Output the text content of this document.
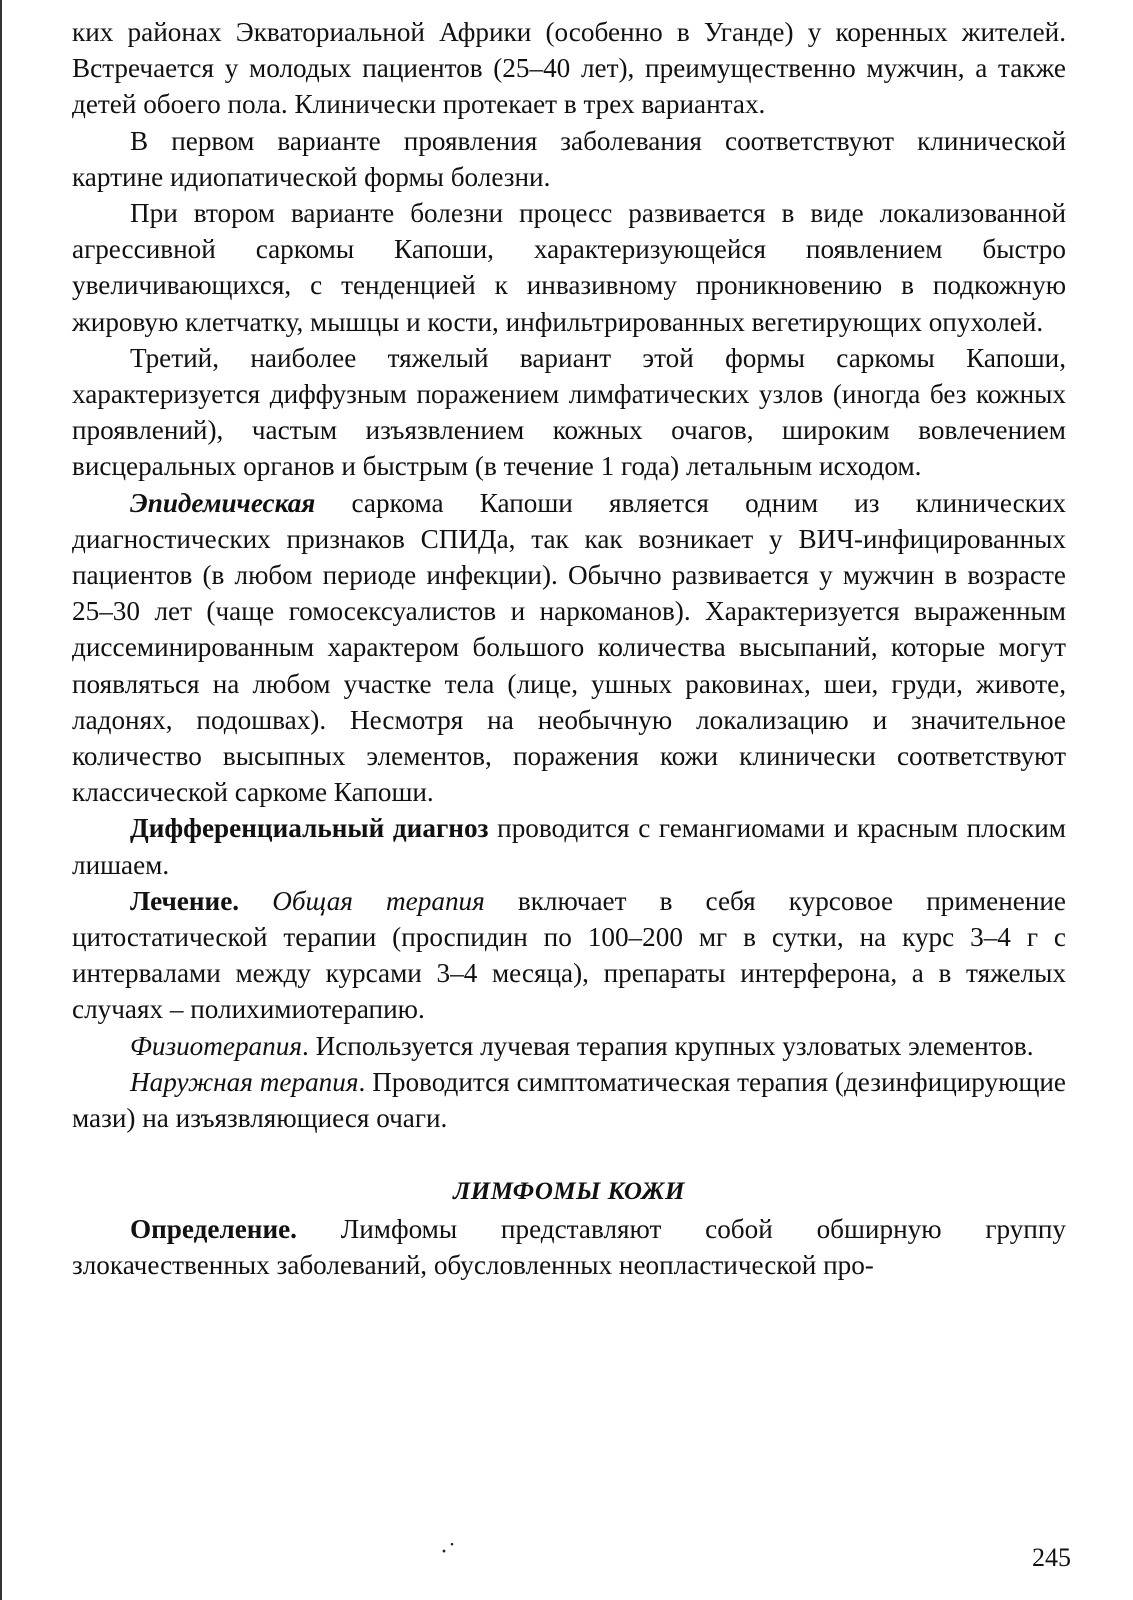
ких районах Экваториальной Африки (особенно в Уганде) у коренных жителей. Встречается у молодых пациентов (25–40 лет), преимущественно мужчин, а также детей обоего пола. Клинически протекает в трех вариантах.

В первом варианте проявления заболевания соответствуют клинической картине идиопатической формы болезни.

При втором варианте болезни процесс развивается в виде локализованной агрессивной саркомы Капоши, характеризующейся появлением быстро увеличивающихся, с тенденцией к инвазивному проникновению в подкожную жировую клетчатку, мышцы и кости, инфильтрированных вегетирующих опухолей.

Третий, наиболее тяжелый вариант этой формы саркомы Капоши, характеризуется диффузным поражением лимфатических узлов (иногда без кожных проявлений), частым изъязвлением кожных очагов, широким вовлечением висцеральных органов и быстрым (в течение 1 года) летальным исходом.

Эпидемическая саркома Капоши является одним из клинических диагностических признаков СПИДа, так как возникает у ВИЧ-инфицированных пациентов (в любом периоде инфекции). Обычно развивается у мужчин в возрасте 25–30 лет (чаще гомосексуалистов и наркоманов). Характеризуется выраженным диссеминированным характером большого количества высыпаний, которые могут появляться на любом участке тела (лице, ушных раковинах, шеи, груди, животе, ладонях, подошвах). Несмотря на необычную локализацию и значительное количество высыпных элементов, поражения кожи клинически соответствуют классической саркоме Капоши.

Дифференциальный диагноз проводится с гемангиомами и красным плоским лишаем.

Лечение. Общая терапия включает в себя курсовое применение цитостатической терапии (проспидин по 100–200 мг в сутки, на курс 3–4 г с интервалами между курсами 3–4 месяца), препараты интерферона, а в тяжелых случаях – полихимиотерапию.

Физиотерапия. Используется лучевая терапия крупных узловатых элементов.

Наружная терапия. Проводится симптоматическая терапия (дезинфицирующие мази) на изъязвляющиеся очаги.

ЛИМФОМЫ КОЖИ

Определение. Лимфомы представляют собой обширную группу злокачественных заболеваний, обусловленных неопластической про-

·˙	245
